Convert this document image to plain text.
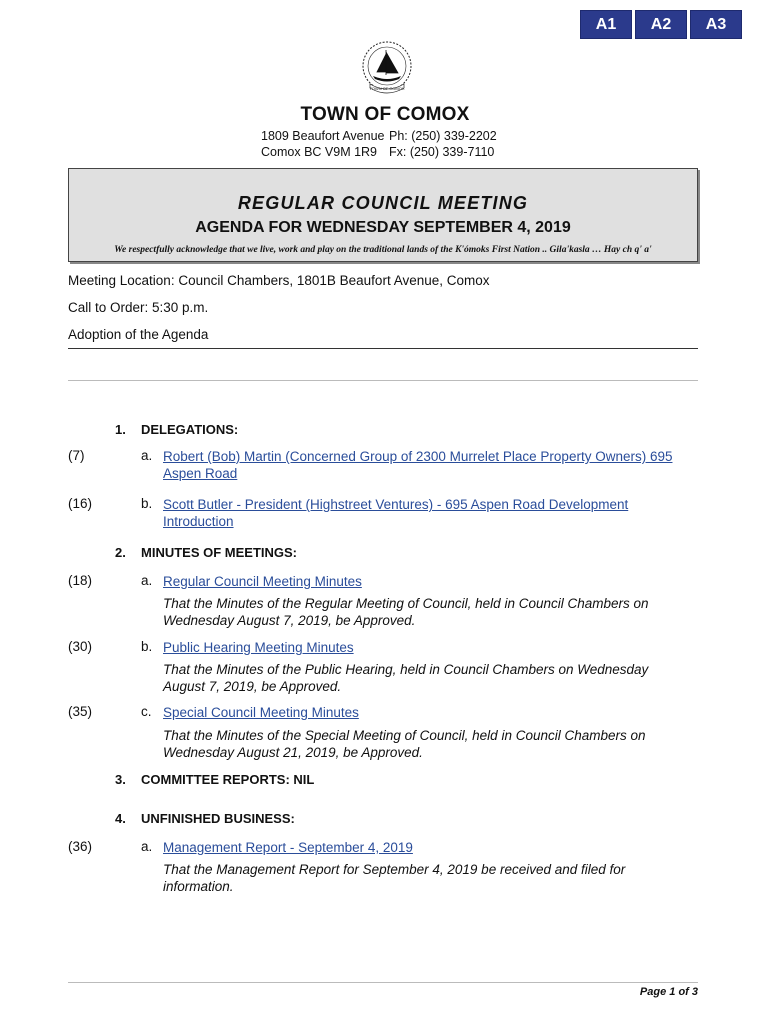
A1	A2	A3
TOWN OF COMOX
TOWN OF COMOX
1809 Beaufort Avenue Ph: (250) 339-2202
Comox BC V9M 1R9 Fx: (250) 339-7110
REGULAR COUNCIL MEETING
AGENDA FOR WEDNESDAY SEPTEMBER 4, 2019
We respectfully acknowledge that we live, work and play on the traditional lands of the K'ómoks First Nation .. Gila'kasla … Hay ch q' a'
Meeting Location: Council Chambers, 1801B Beaufort Avenue, Comox
Call to Order: 5:30 p.m.
Adoption of the Agenda
1. DELEGATIONS:
(7)	a. Robert (Bob) Martin (Concerned Group of 2300 Murrelet Place Property Owners) 695 Aspen Road
(16)	b. Scott Butler - President (Highstreet Ventures) - 695 Aspen Road Development Introduction
2. MINUTES OF MEETINGS:
(18)	a. Regular Council Meeting Minutes
That the Minutes of the Regular Meeting of Council, held in Council Chambers on Wednesday August 7, 2019, be Approved.
(30)	b. Public Hearing Meeting Minutes
That the Minutes of the Public Hearing, held in Council Chambers on Wednesday August 7, 2019, be Approved.
(35)	c. Special Council Meeting Minutes
That the Minutes of the Special Meeting of Council, held in Council Chambers on Wednesday August 21, 2019, be Approved.
3. COMMITTEE REPORTS: NIL
4. UNFINISHED BUSINESS:
(36)	a. Management Report - September 4, 2019
That the Management Report for September 4, 2019 be received and filed for information.
Page 1 of 3
